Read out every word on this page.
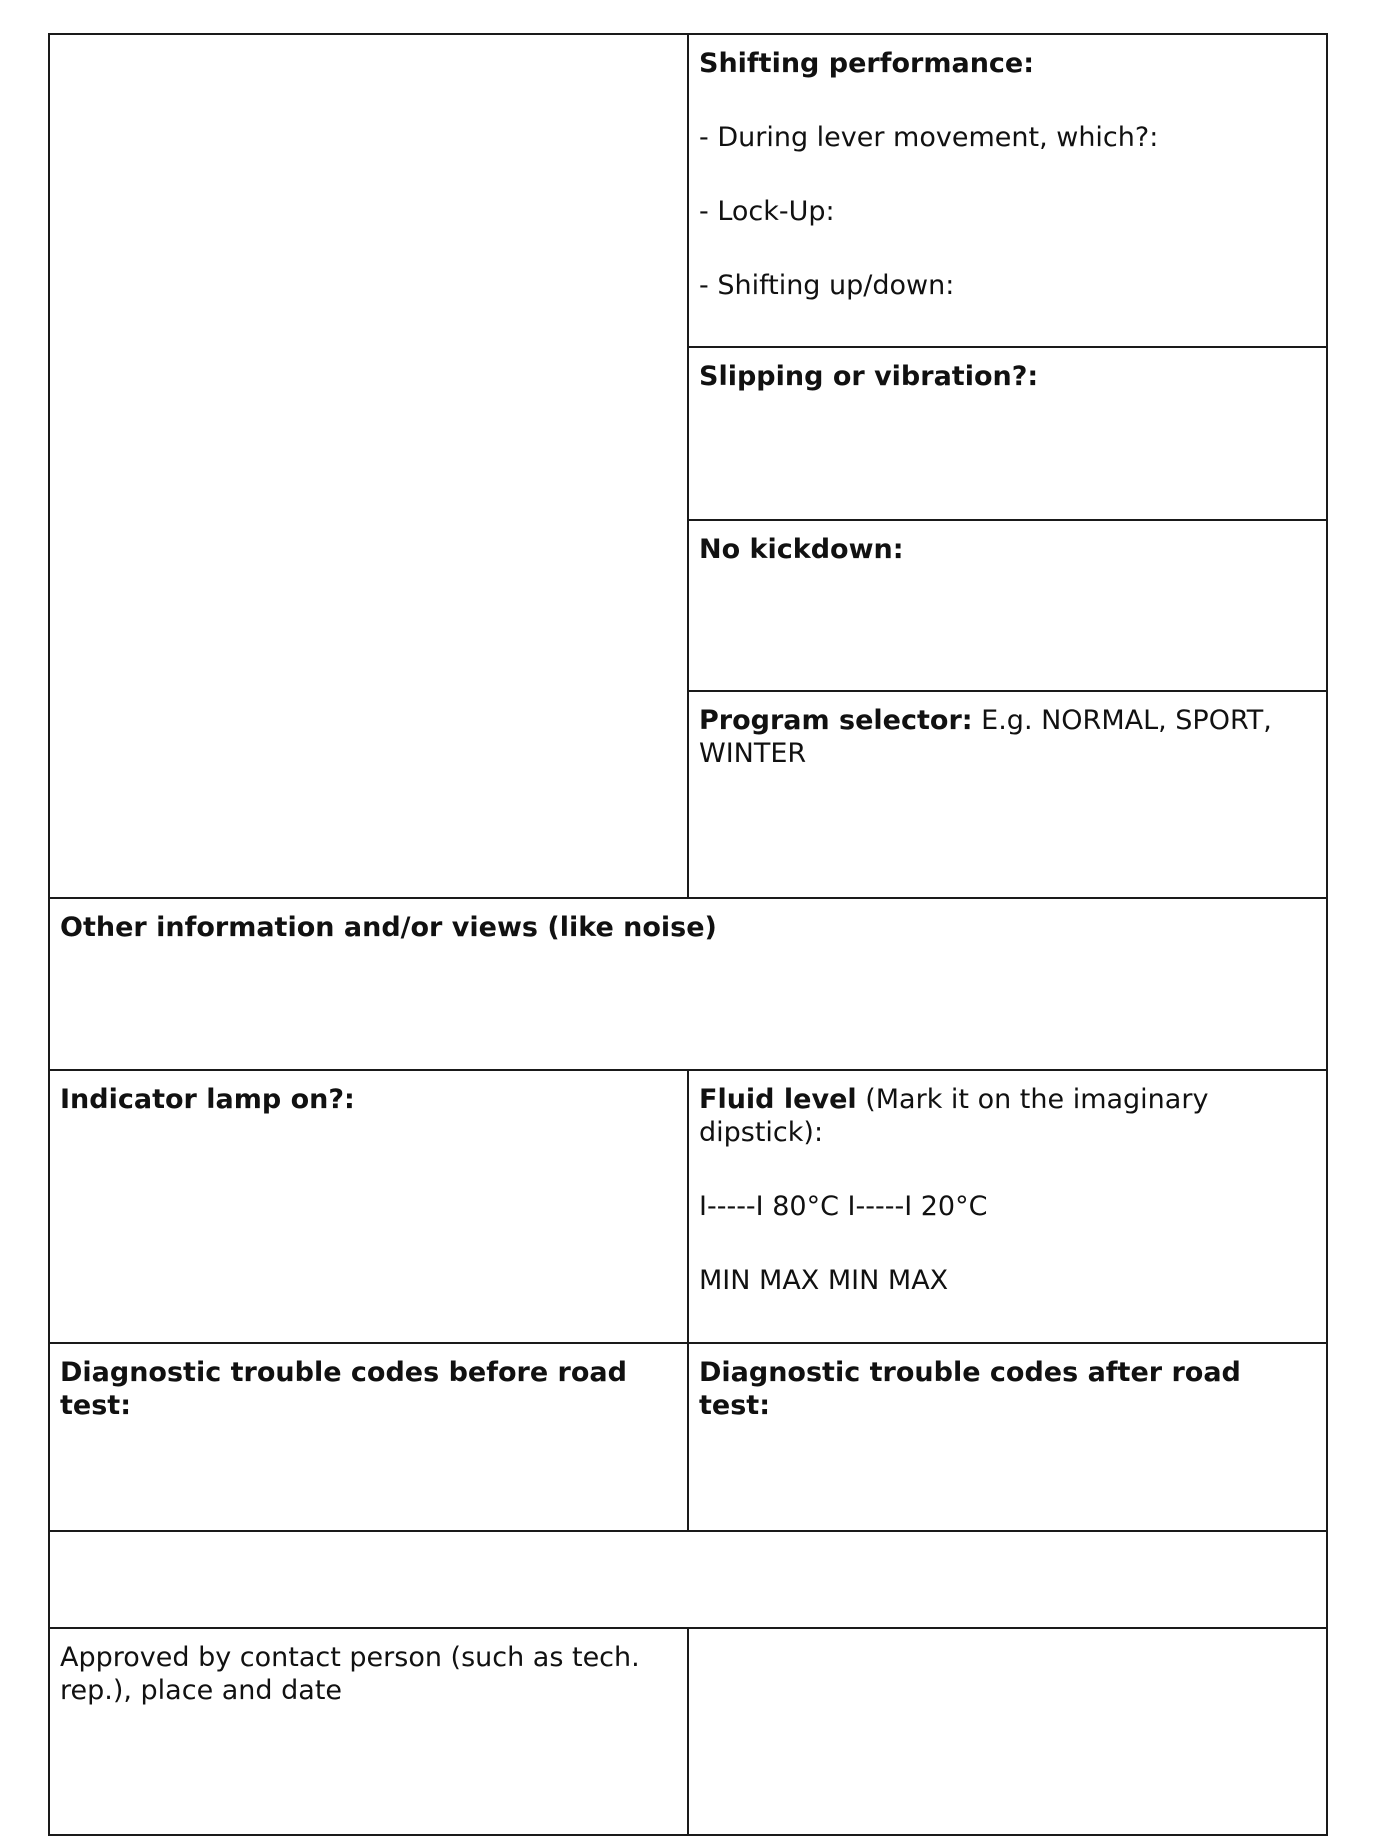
Shifting performance:

- During lever movement, which?:

- Lock-Up:

- Shifting up/down:

Slipping or vibration?:

No kickdown:

Program selector: E.g. NORMAL, SPORT, WINTER

Other information and/or views (like noise)

Indicator lamp on?:	Fluid level (Mark it on the imaginary dipstick):

I-----I 80°C I-----I 20°C

MIN MAX MIN MAX

Diagnostic trouble codes before road test:

Diagnostic trouble codes after road test:

Approved by contact person (such as tech. rep.), place and date
